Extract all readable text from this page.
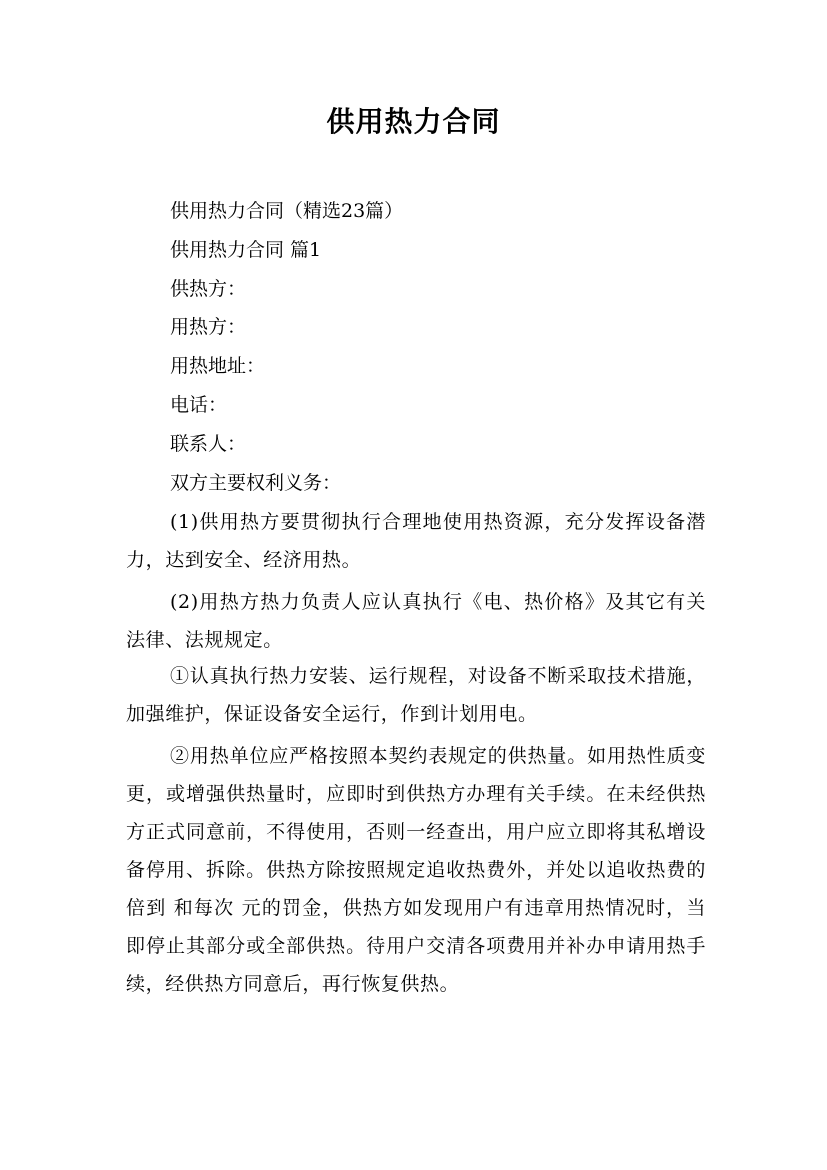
供用热力合同

供用热力合同（精选23篇）

供用热力合同 篇1

供热方：

用热方：

用热地址：

电话：

联系人：

双方主要权利义务：

(1)供用热方要贯彻执行合理地使用热资源，充分发挥设备潜力，达到安全、经济用热。

(2)用热方热力负责人应认真执行《电、热价格》及其它有关法律、法规规定。

①认真执行热力安装、运行规程，对设备不断采取技术措施，加强维护，保证设备安全运行，作到计划用电。

②用热单位应严格按照本契约表规定的供热量。如用热性质变更，或增强供热量时，应即时到供热方办理有关手续。在未经供热方正式同意前，不得使用，否则一经查出，用户应立即将其私增设备停用、拆除。供热方除按照规定追收热费外，并处以追收热费的 倍到 和每次 元的罚金，供热方如发现用户有违章用热情况时，当即停止其部分或全部供热。待用户交清各项费用并补办申请用热手续，经供热方同意后，再行恢复供热。
